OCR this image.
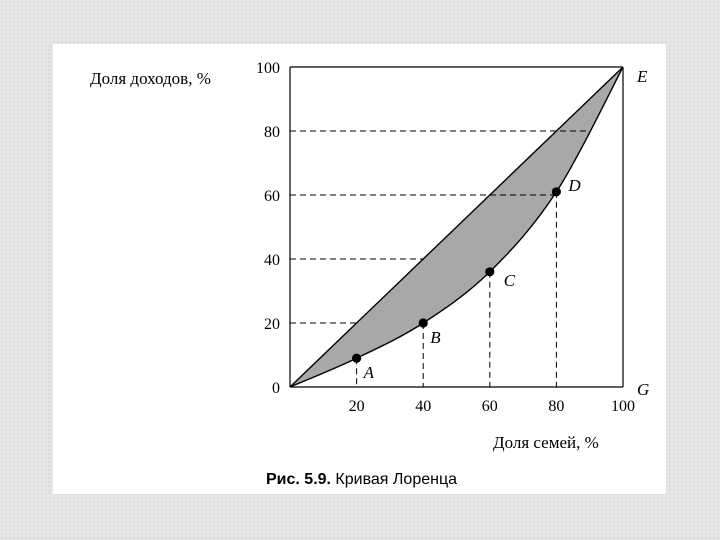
20	40	60	80	100
0
20
40
60
80
100	E
G
A
B
C
D
Доля доходов, %
Доля семей, %
Рис. 5.9. Кривая Лоренца
